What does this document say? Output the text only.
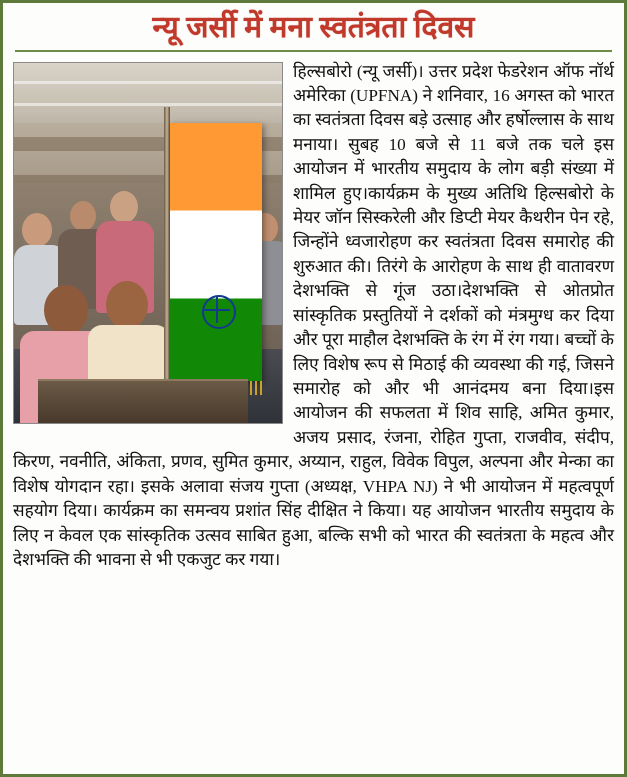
न्यू जर्सी में मना स्वतंत्रता दिवस

हिल्सबोरो (न्यू जर्सी)। उत्तर प्रदेश फेडरेशन ऑफ नॉर्थ अमेरिका (UPFNA) ने शनिवार, 16 अगस्त को भारत का स्वतंत्रता दिवस बड़े उत्साह और हर्षोल्लास के साथ मनाया। सुबह 10 बजे से 11 बजे तक चले इस आयोजन में भारतीय समुदाय के लोग बड़ी संख्या में शामिल हुए।कार्यक्रम के मुख्य अतिथि हिल्सबोरो के मेयर जॉन सिस्करेली और डिप्टी मेयर कैथरीन पेन रहे, जिन्होंने ध्वजारोहण कर स्वतंत्रता दिवस समारोह की शुरुआत की। तिरंगे के आरोहण के साथ ही वातावरण देशभक्ति से गूंज उठा।देशभक्ति से ओतप्रोत सांस्कृतिक प्रस्तुतियों ने दर्शकों को मंत्रमुग्ध कर दिया और पूरा माहौल देशभक्ति के रंग में रंग गया। बच्चों के लिए विशेष रूप से मिठाई की व्यवस्था की गई, जिसने समारोह को और भी आनंदमय बना दिया।इस आयोजन की सफलता में शिव साहि, अमित कुमार, अजय प्रसाद, रंजना, रोहित गुप्ता, राजवीव, संदीप, किरण, नवनीति, अंकिता, प्रणव, सुमित कुमार, अय्यान, राहुल, विवेक विपुल, अल्पना और मेन्का का विशेष योगदान रहा। इसके अलावा संजय गुप्ता (अध्यक्ष, VHPA NJ) ने भी आयोजन में महत्वपूर्ण सहयोग दिया। कार्यक्रम का समन्वय प्रशांत सिंह दीक्षित ने किया। यह आयोजन भारतीय समुदाय के लिए न केवल एक सांस्कृतिक उत्सव साबित हुआ, बल्कि सभी को भारत की स्वतंत्रता के महत्व और देशभक्ति की भावना से भी एकजुट कर गया।
